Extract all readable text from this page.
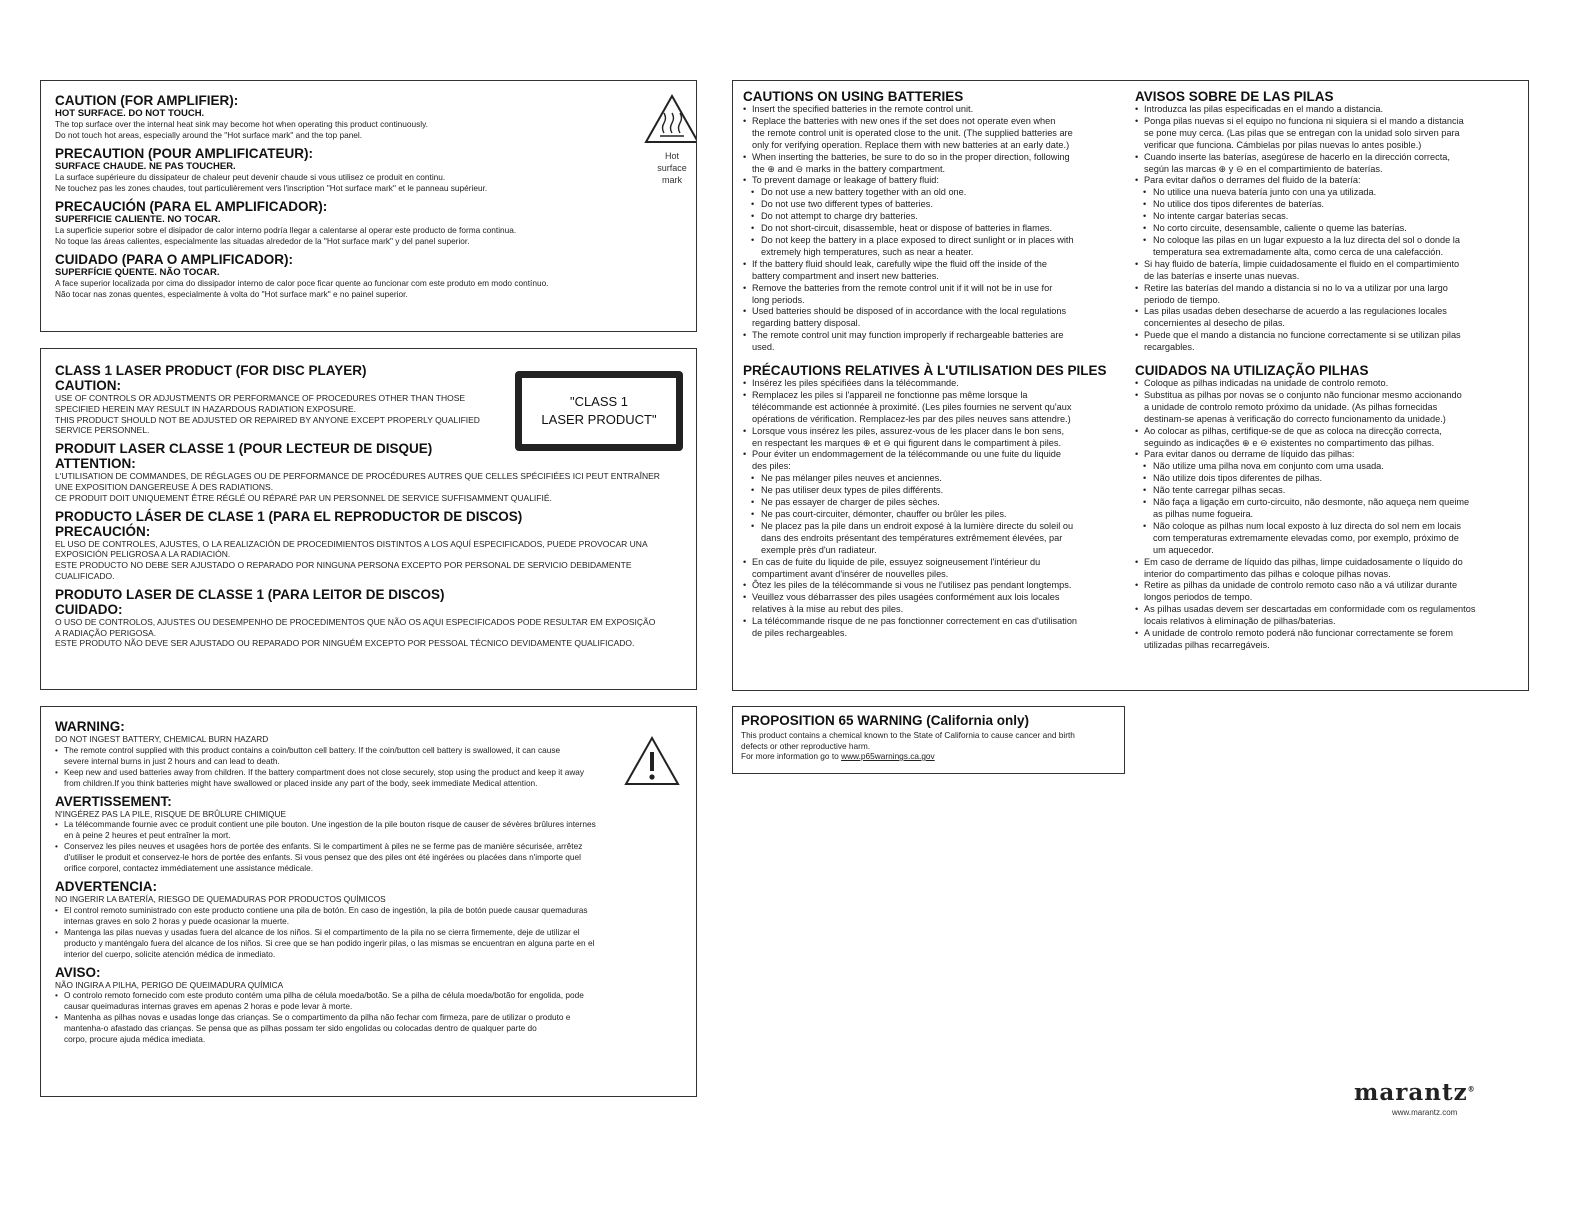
CAUTION (FOR AMPLIFIER):
HOT SURFACE. DO NOT TOUCH.
The top surface over the internal heat sink may become hot when operating this product continuously.
Do not touch hot areas, especially around the "Hot surface mark" and the top panel.
PRECAUTION (POUR AMPLIFICATEUR):
SURFACE CHAUDE. NE PAS TOUCHER.
La surface supérieure du dissipateur de chaleur peut devenir chaude si vous utilisez ce produit en continu.
Ne touchez pas les zones chaudes, tout particulièrement vers l'inscription "Hot surface mark" et le panneau supérieur.
PRECAUCIÓN (PARA EL AMPLIFICADOR):
SUPERFICIE CALIENTE. NO TOCAR.
La superficie superior sobre el disipador de calor interno podría llegar a calentarse al operar este producto de forma continua.
No toque las áreas calientes, especialmente las situadas alrededor de la "Hot surface mark" y del panel superior.
CUIDADO (PARA O AMPLIFICADOR):
SUPERFÍCIE QUENTE. NÃO TOCAR.
A face superior localizada por cima do dissipador interno de calor poce ficar quente ao funcionar com este produto em modo contínuo.
Não tocar nas zonas quentes, especialmente à volta do "Hot surface mark" e no painel superior.
Hot
surface
mark
CLASS 1 LASER PRODUCT (FOR DISC PLAYER)
CAUTION:
USE OF CONTROLS OR ADJUSTMENTS OR PERFORMANCE OF PROCEDURES OTHER THAN THOSE
SPECIFIED HEREIN MAY RESULT IN HAZARDOUS RADIATION EXPOSURE.
THIS PRODUCT SHOULD NOT BE ADJUSTED OR REPAIRED BY ANYONE EXCEPT PROPERLY QUALIFIED
SERVICE PERSONNEL.
PRODUIT LASER CLASSE 1 (POUR LECTEUR DE DISQUE)
ATTENTION:
L'UTILISATION DE COMMANDES, DE RÉGLAGES OU DE PERFORMANCE DE PROCÉDURES AUTRES QUE CELLES SPÉCIFIÉES ICI PEUT ENTRAÎNER
UNE EXPOSITION DANGEREUSE À DES RADIATIONS.
CE PRODUIT DOIT UNIQUEMENT ÊTRE RÉGLÉ OU RÉPARÉ PAR UN PERSONNEL DE SERVICE SUFFISAMMENT QUALIFIÉ.
PRODUCTO LÁSER DE CLASE 1 (PARA EL REPRODUCTOR DE DISCOS)
PRECAUCIÓN:
EL USO DE CONTROLES, AJUSTES, O LA REALIZACIÓN DE PROCEDIMIENTOS DISTINTOS A LOS AQUÍ ESPECIFICADOS, PUEDE PROVOCAR UNA
EXPOSICIÓN PELIGROSA A LA RADIACIÓN.
ESTE PRODUCTO NO DEBE SER AJUSTADO O REPARADO POR NINGUNA PERSONA EXCEPTO POR PERSONAL DE SERVICIO DEBIDAMENTE
CUALIFICADO.
PRODUTO LASER DE CLASSE 1 (PARA LEITOR DE DISCOS)
CUIDADO:
O USO DE CONTROLOS, AJUSTES OU DESEMPENHO DE PROCEDIMENTOS QUE NÃO OS AQUI ESPECIFICADOS PODE RESULTAR EM EXPOSIÇÃO
A RADIAÇÃO PERIGOSA.
ESTE PRODUTO NÃO DEVE SER AJUSTADO OU REPARADO POR NINGUÉM EXCEPTO POR PESSOAL TÉCNICO DEVIDAMENTE QUALIFICADO.
"CLASS 1
LASER PRODUCT"
WARNING:
DO NOT INGEST BATTERY, CHEMICAL BURN HAZARD
• The remote control supplied with this product contains a coin/button cell battery. If the coin/button cell battery is swallowed, it can cause
severe internal burns in just 2 hours and can lead to death.
• Keep new and used batteries away from children. If the battery compartment does not close securely, stop using the product and keep it away
from children.If you think batteries might have swallowed or placed inside any part of the body, seek immediate Medical attention.
AVERTISSEMENT:
N'INGÉREZ PAS LA PILE, RISQUE DE BRÛLURE CHIMIQUE
• La télécommande fournie avec ce produit contient une pile bouton. Une ingestion de la pile bouton risque de causer de sévères brûlures internes
en à peine 2 heures et peut entraîner la mort.
• Conservez les piles neuves et usagées hors de portée des enfants. Si le compartiment à piles ne se ferme pas de manière sécurisée, arrêtez
d'utiliser le produit et conservez-le hors de portée des enfants. Si vous pensez que des piles ont été ingérées ou placées dans n'importe quel
orifice corporel, contactez immédiatement une assistance médicale.
ADVERTENCIA:
NO INGERIR LA BATERÍA, RIESGO DE QUEMADURAS POR PRODUCTOS QUÍMICOS
• El control remoto suministrado con este producto contiene una pila de botón. En caso de ingestión, la pila de botón puede causar quemaduras
internas graves en solo 2 horas y puede ocasionar la muerte.
• Mantenga las pilas nuevas y usadas fuera del alcance de los niños. Si el compartimento de la pila no se cierra firmemente, deje de utilizar el
producto y manténgalo fuera del alcance de los niños. Si cree que se han podido ingerir pilas, o las mismas se encuentran en alguna parte en el
interior del cuerpo, solicite atención médica de inmediato.
AVISO:
NÃO INGIRA A PILHA, PERIGO DE QUEIMADURA QUÍMICA
• O controlo remoto fornecido com este produto contém uma pilha de célula moeda/botão. Se a pilha de célula moeda/botão for engolida, pode
causar queimaduras internas graves em apenas 2 horas e pode levar à morte.
• Mantenha as pilhas novas e usadas longe das crianças. Se o compartimento da pilha não fechar com firmeza, pare de utilizar o produto e
mantenha-o afastado das crianças. Se pensa que as pilhas possam ter sido engolidas ou colocadas dentro de qualquer parte do
corpo, procure ajuda médica imediata.
CAUTIONS ON USING BATTERIES
• Insert the specified batteries in the remote control unit.
• Replace the batteries with new ones if the set does not operate even when
the remote control unit is operated close to the unit. (The supplied batteries are
only for verifying operation. Replace them with new batteries at an early date.)
• When inserting the batteries, be sure to do so in the proper direction, following
the ⊕ and ⊖ marks in the battery compartment.
• To prevent damage or leakage of battery fluid:
• Do not use a new battery together with an old one.
• Do not use two different types of batteries.
• Do not attempt to charge dry batteries.
• Do not short-circuit, disassemble, heat or dispose of batteries in flames.
• Do not keep the battery in a place exposed to direct sunlight or in places with
extremely high temperatures, such as near a heater.
• If the battery fluid should leak, carefully wipe the fluid off the inside of the
battery compartment and insert new batteries.
• Remove the batteries from the remote control unit if it will not be in use for
long periods.
• Used batteries should be disposed of in accordance with the local regulations
regarding battery disposal.
• The remote control unit may function improperly if rechargeable batteries are
used.
PRÉCAUTIONS RELATIVES À L'UTILISATION DES PILES
• Insérez les piles spécifiées dans la télécommande.
• Remplacez les piles si l'appareil ne fonctionne pas même lorsque la
télécommande est actionnée à proximité. (Les piles fournies ne servent qu'aux
opérations de vérification. Remplacez-les par des piles neuves sans attendre.)
• Lorsque vous insérez les piles, assurez-vous de les placer dans le bon sens,
en respectant les marques ⊕ et ⊖ qui figurent dans le compartiment à piles.
• Pour éviter un endommagement de la télécommande ou une fuite du liquide
des piles:
• Ne pas mélanger piles neuves et anciennes.
• Ne pas utiliser deux types de piles différents.
• Ne pas essayer de charger de piles sèches.
• Ne pas court-circuiter, démonter, chauffer ou brûler les piles.
• Ne placez pas la pile dans un endroit exposé à la lumière directe du soleil ou
dans des endroits présentant des températures extrêmement élevées, par
exemple près d'un radiateur.
• En cas de fuite du liquide de pile, essuyez soigneusement l'intérieur du
compartiment avant d'insérer de nouvelles piles.
• Ôtez les piles de la télécommande si vous ne l'utilisez pas pendant longtemps.
• Veuillez vous débarrasser des piles usagées conformément aux lois locales
relatives à la mise au rebut des piles.
• La télécommande risque de ne pas fonctionner correctement en cas d'utilisation
de piles rechargeables.
AVISOS SOBRE DE LAS PILAS
• Introduzca las pilas especificadas en el mando a distancia.
• Ponga pilas nuevas si el equipo no funciona ni siquiera si el mando a distancia
se pone muy cerca. (Las pilas que se entregan con la unidad solo sirven para
verificar que funciona. Cámbielas por pilas nuevas lo antes posible.)
• Cuando inserte las baterías, asegúrese de hacerlo en la dirección correcta,
según las marcas ⊕ y ⊖ en el compartimiento de baterías.
• Para evitar daños o derrames del fluido de la batería:
• No utilice una nueva batería junto con una ya utilizada.
• No utilice dos tipos diferentes de baterías.
• No intente cargar baterías secas.
• No corto circuite, desensamble, caliente o queme las baterías.
• No coloque las pilas en un lugar expuesto a la luz directa del sol o donde la
temperatura sea extremadamente alta, como cerca de una calefacción.
• Si hay fluido de batería, limpie cuidadosamente el fluido en el compartimiento
de las baterías e inserte unas nuevas.
• Retire las baterías del mando a distancia si no lo va a utilizar por una largo
periodo de tiempo.
• Las pilas usadas deben desecharse de acuerdo a las regulaciones locales
concernientes al desecho de pilas.
• Puede que el mando a distancia no funcione correctamente si se utilizan pilas
recargables.
CUIDADOS NA UTILIZAÇÃO PILHAS
• Coloque as pilhas indicadas na unidade de controlo remoto.
• Substitua as pilhas por novas se o conjunto não funcionar mesmo accionando
a unidade de controlo remoto próximo da unidade. (As pilhas fornecidas
destinam-se apenas à verificação do correcto funcionamento da unidade.)
• Ao colocar as pilhas, certifique-se de que as coloca na direcção correcta,
seguindo as indicações ⊕ e ⊖ existentes no compartimento das pilhas.
• Para evitar danos ou derrame de líquido das pilhas:
• Não utilize uma pilha nova em conjunto com uma usada.
• Não utilize dois tipos diferentes de pilhas.
• Não tente carregar pilhas secas.
• Não faça a ligação em curto-circuito, não desmonte, não aqueça nem queime
as pilhas nume fogueira.
• Não coloque as pilhas num local exposto à luz directa do sol nem em locais
com temperaturas extremamente elevadas como, por exemplo, próximo de
um aquecedor.
• Em caso de derrame de líquido das pilhas, limpe cuidadosamente o líquido do
interior do compartimento das pilhas e coloque pilhas novas.
• Retire as pilhas da unidade de controlo remoto caso não a vá utilizar durante
longos periodos de tempo.
• As pilhas usadas devem ser descartadas em conformidade com os regulamentos
locais relativos à eliminação de pilhas/baterias.
• A unidade de controlo remoto poderá não funcionar correctamente se forem
utilizadas pilhas recarregáveis.
PROPOSITION 65 WARNING (California only)
This product contains a chemical known to the State of California to cause cancer and birth
defects or other reproductive harm.
For more information go to www.p65warnings.ca.gov
marantz®
www.marantz.com
